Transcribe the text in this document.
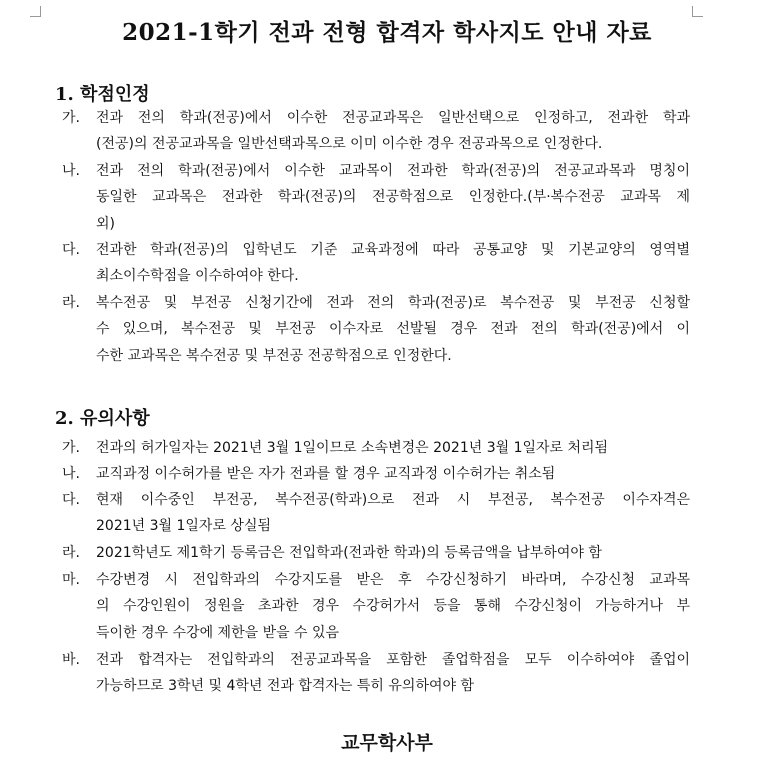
2021-1학기 전과 전형 합격자 학사지도 안내 자료
1. 학점인정
가. 전과 전의 학과(전공)에서 이수한 전공교과목은 일반선택으로 인정하고, 전과한 학과
(전공)의 전공교과목을 일반선택과목으로 이미 이수한 경우 전공과목으로 인정한다.
나. 전과 전의 학과(전공)에서 이수한 교과목이 전과한 학과(전공)의 전공교과목과 명칭이
동일한 교과목은 전과한 학과(전공)의 전공학점으로 인정한다.(부·복수전공 교과목 제
외)
다. 전과한 학과(전공)의 입학년도 기준 교육과정에 따라 공통교양 및 기본교양의 영역별
최소이수학점을 이수하여야 한다.
라. 복수전공 및 부전공 신청기간에 전과 전의 학과(전공)로 복수전공 및 부전공 신청할
수 있으며, 복수전공 및 부전공 이수자로 선발될 경우 전과 전의 학과(전공)에서 이
수한 교과목은 복수전공 및 부전공 전공학점으로 인정한다.
2. 유의사항
가. 전과의 허가일자는 2021년 3월 1일이므로 소속변경은 2021년 3월 1일자로 처리됨
나. 교직과정 이수허가를 받은 자가 전과를 할 경우 교직과정 이수허가는 취소됨
다. 현재 이수중인 부전공, 복수전공(학과)으로 전과 시 부전공, 복수전공 이수자격은
2021년 3월 1일자로 상실됨
라. 2021학년도 제1학기 등록금은 전입학과(전과한 학과)의 등록금액을 납부하여야 함
마. 수강변경 시 전입학과의 수강지도를 받은 후 수강신청하기 바라며, 수강신청 교과목
의 수강인원이 정원을 초과한 경우 수강허가서 등을 통해 수강신청이 가능하거나 부
득이한 경우 수강에 제한을 받을 수 있음
바. 전과 합격자는 전입학과의 전공교과목을 포함한 졸업학점을 모두 이수하여야 졸업이
가능하므로 3학년 및 4학년 전과 합격자는 특히 유의하여야 함
교무학사부
